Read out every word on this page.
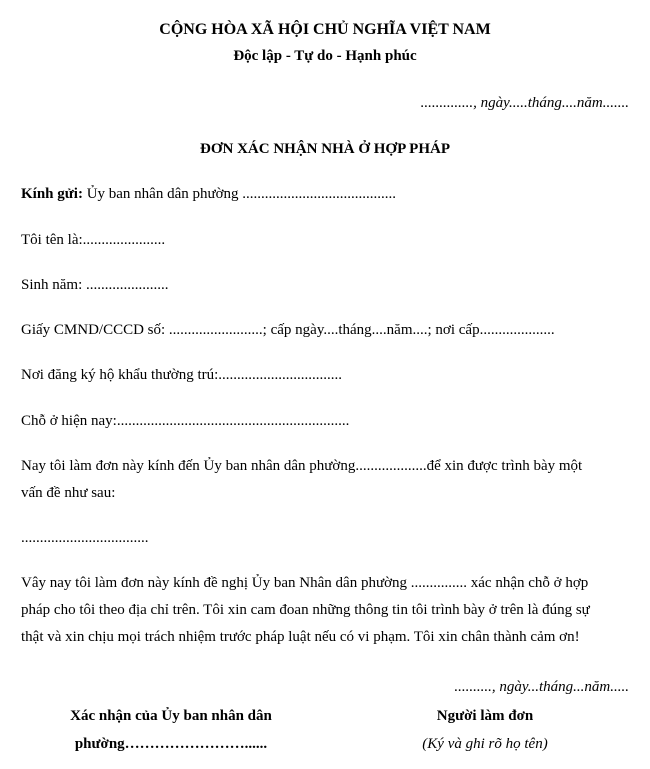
CỘNG HÒA XÃ HỘI CHỦ NGHĨA VIỆT NAM
Độc lập - Tự do - Hạnh phúc
.............., ngày.....tháng....năm.......
ĐƠN XÁC NHẬN NHÀ Ở HỢP PHÁP
Kính gửi: Ủy ban nhân dân phường .........................................
Tôi tên là:......................
Sinh năm: ......................
Giấy CMND/CCCD số: .........................; cấp ngày....tháng....năm....; nơi cấp....................
Nơi đăng ký hộ khẩu thường trú:.................................
Chỗ ở hiện nay:..............................................................
Nay tôi làm đơn này kính đến Ủy ban nhân dân phường...................để xin được trình bày một
vấn đề như sau:
..................................
Vây nay tôi làm đơn này kính đề nghị Ủy ban Nhân dân phường ............... xác nhận chỗ ở hợp
pháp cho tôi theo địa chỉ trên. Tôi xin cam đoan những thông tin tôi trình bày ở trên là đúng sự
thật và xin chịu mọi trách nhiệm trước pháp luật nếu có vi phạm. Tôi xin chân thành cảm ơn!
.........., ngày...tháng...năm.....
Xác nhận của Ủy ban nhân dân
phường……………………......
Người làm đơn
(Ký và ghi rõ họ tên)
